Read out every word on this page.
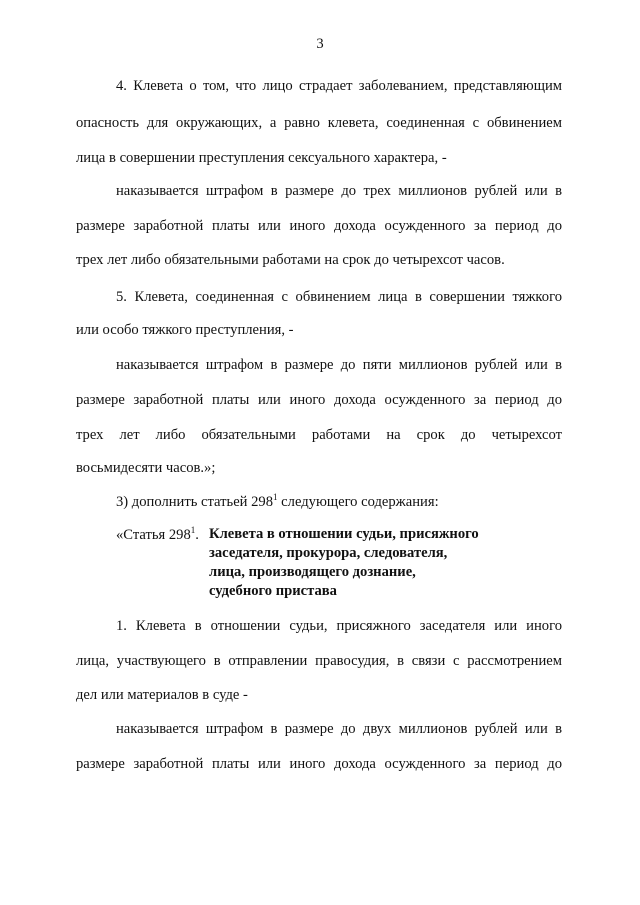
3

4. Клевета о том, что лицо страдает заболеванием, представляющим

опасность для окружающих, а равно клевета, соединенная с обвинением

лица в совершении преступления сексуального характера, -

наказывается штрафом в размере до трех миллионов рублей или в

размере заработной платы или иного дохода осужденного за период до

трех лет либо обязательными работами на срок до четырехсот часов.

5. Клевета, соединенная с обвинением лица в совершении тяжкого

или особо тяжкого преступления, -

наказывается штрафом в размере до пяти миллионов рублей или в

размере заработной платы или иного дохода осужденного за период до

трех лет либо обязательными работами на срок до четырехсот

восьмидесяти часов.»;

1. Клевета в отношении судьи, присяжного заседателя или иного

лица, участвующего в отправлении правосудия, в связи с рассмотрением

дел или материалов в суде -

наказывается штрафом в размере до двух миллионов рублей или в

размере заработной платы или иного дохода осужденного за период до

3) дополнить статьей $298^1$ следующего содержания:

«Статья $298^1$. Клевета в отношении судьи, присяжного
заседателя, прокурора, следователя,
лица, производящего дознание,
судебного пристава
